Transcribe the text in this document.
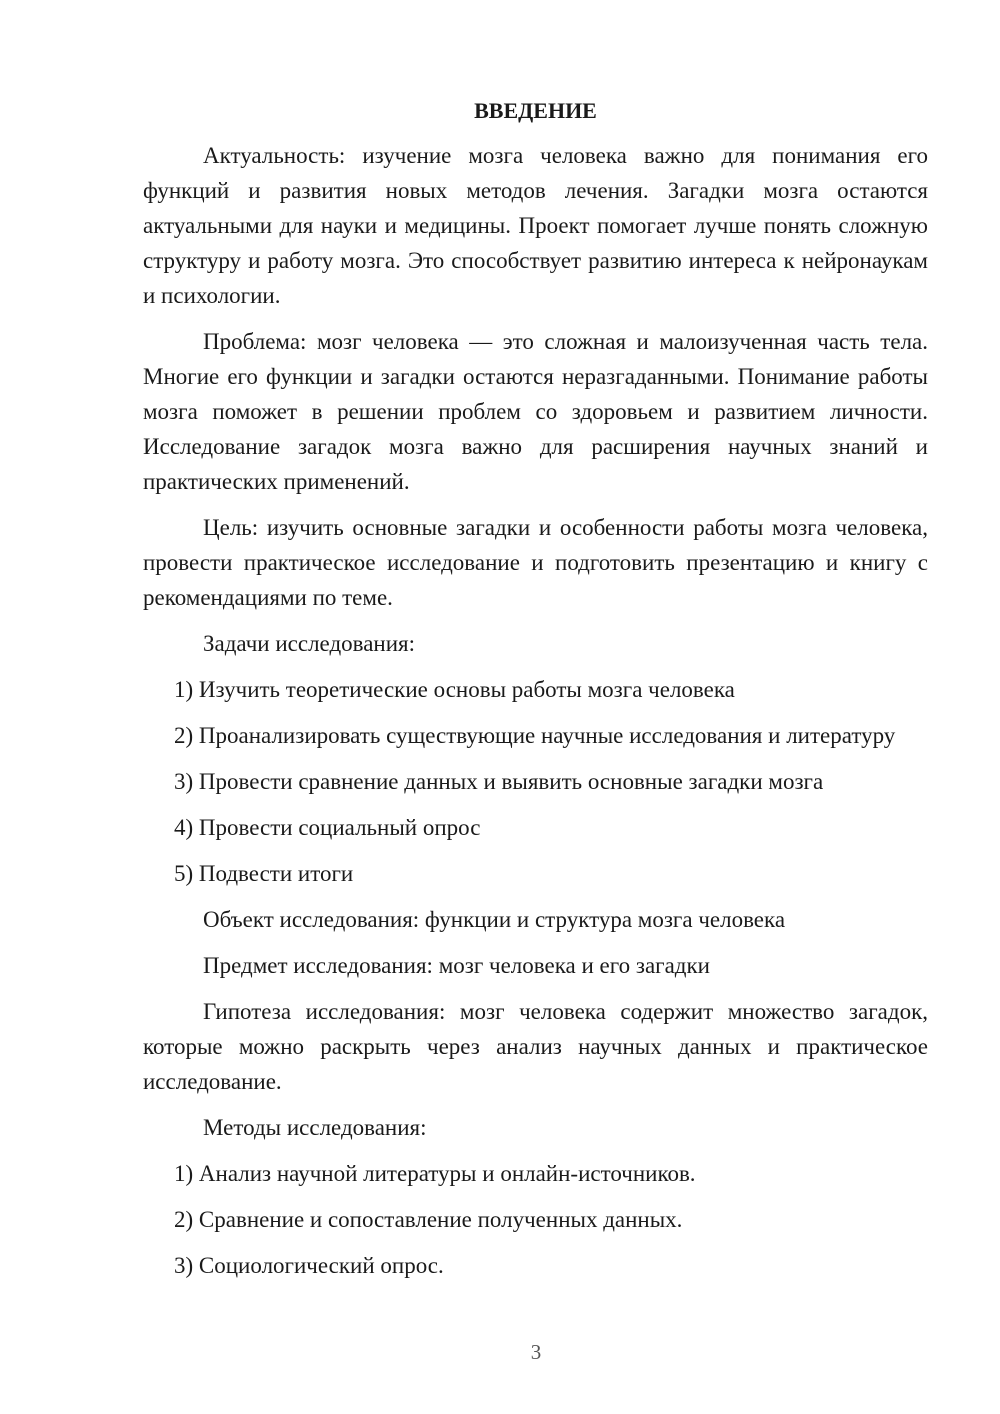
ВВЕДЕНИЕ

Актуальность: изучение мозга человека важно для понимания его функций и развития новых методов лечения. Загадки мозга остаются актуальными для науки и медицины. Проект помогает лучше понять сложную структуру и работу мозга. Это способствует развитию интереса к нейронаукам и психологии.

Проблема: мозг человека — это сложная и малоизученная часть тела. Многие его функции и загадки остаются неразгаданными. Понимание работы мозга поможет в решении проблем со здоровьем и развитием личности. Исследование загадок мозга важно для расширения научных знаний и практических применений.

Цель: изучить основные загадки и особенности работы мозга человека, провести практическое исследование и подготовить презентацию и книгу с рекомендациями по теме.

Задачи исследования:

1) Изучить теоретические основы работы мозга человека

2) Проанализировать существующие научные исследования и литературу

3) Провести сравнение данных и выявить основные загадки мозга

4) Провести социальный опрос

5) Подвести итоги

Объект исследования: функции и структура мозга человека

Предмет исследования: мозг человека и его загадки

Гипотеза исследования: мозг человека содержит множество загадок, которые можно раскрыть через анализ научных данных и практическое исследование.

Методы исследования:

1) Анализ научной литературы и онлайн-источников.

2) Сравнение и сопоставление полученных данных.

3) Социологический опрос.

3
